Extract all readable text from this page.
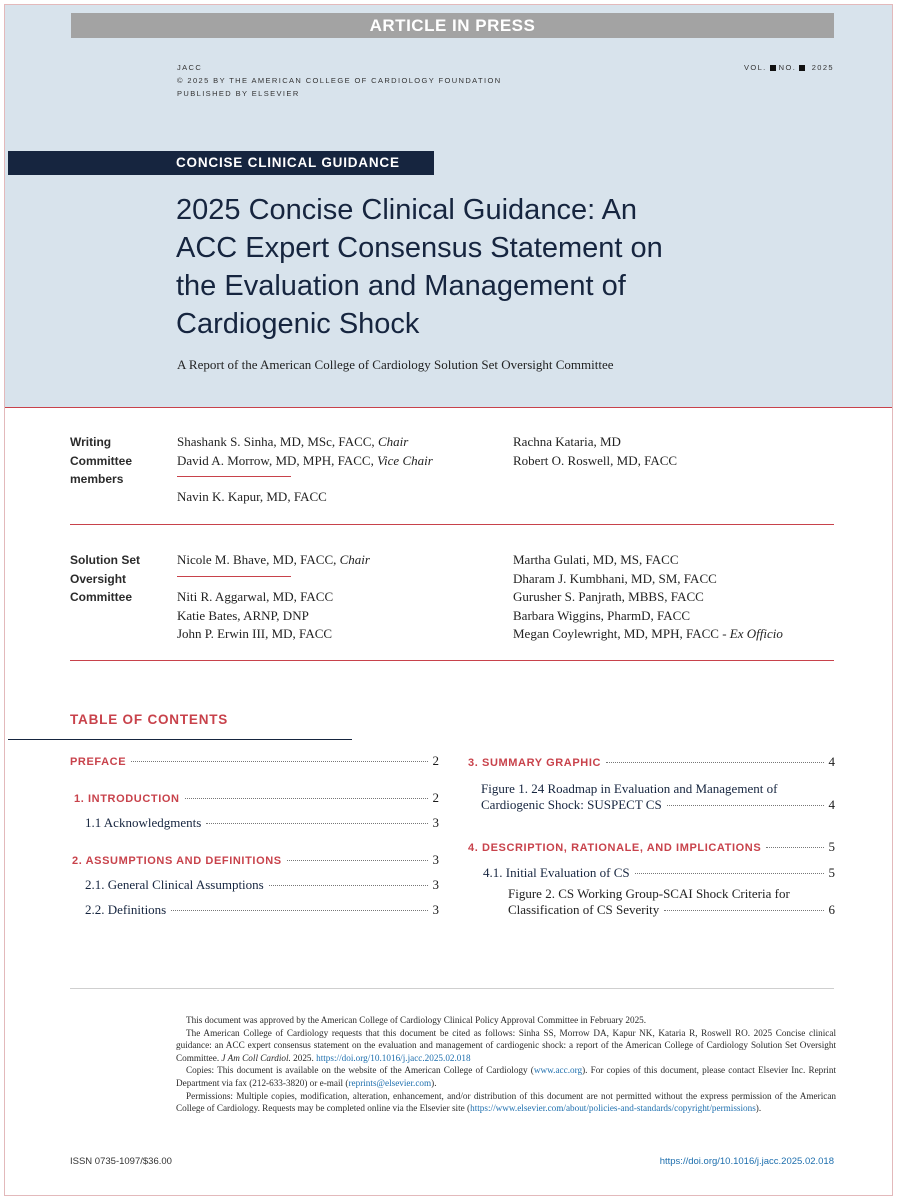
ARTICLE IN PRESS
JACC
© 2025 BY THE AMERICAN COLLEGE OF CARDIOLOGY FOUNDATION
PUBLISHED BY ELSEVIER
VOL. NO. 2025
CONCISE CLINICAL GUIDANCE
2025 Concise Clinical Guidance: An
ACC Expert Consensus Statement on
the Evaluation and Management of
Cardiogenic Shock
A Report of the American College of Cardiology Solution Set Oversight Committee
Writing
Committee
members
Shashank S. Sinha, MD, MSc, FACC, Chair
David A. Morrow, MD, MPH, FACC, Vice Chair
Navin K. Kapur, MD, FACC
Rachna Kataria, MD
Robert O. Roswell, MD, FACC
Solution Set
Oversight
Committee
Nicole M. Bhave, MD, FACC, Chair
Niti R. Aggarwal, MD, FACC
Katie Bates, ARNP, DNP
John P. Erwin III, MD, FACC
Martha Gulati, MD, MS, FACC
Dharam J. Kumbhani, MD, SM, FACC
Gurusher S. Panjrath, MBBS, FACC
Barbara Wiggins, PharmD, FACC
Megan Coylewright, MD, MPH, FACC - Ex Officio
TABLE OF CONTENTS
PREFACE	2
1. INTRODUCTION	2
1.1 Acknowledgments	3
2. ASSUMPTIONS AND DEFINITIONS	3
2.1. General Clinical Assumptions	3
2.2. Definitions	3
3. SUMMARY GRAPHIC	4
Figure 1. 24 Roadmap in Evaluation and Management of
Cardiogenic Shock: SUSPECT CS	4
4. DESCRIPTION, RATIONALE, AND IMPLICATIONS	5
4.1. Initial Evaluation of CS	5
Figure 2. CS Working Group-SCAI Shock Criteria for
Classification of CS Severity	6

This document was approved by the American College of Cardiology Clinical Policy Approval Committee in February 2025.

The American College of Cardiology requests that this document be cited as follows: Sinha SS, Morrow DA, Kapur NK, Kataria R, Roswell RO. 2025 Concise clinical guidance: an ACC expert consensus statement on the evaluation and management of cardiogenic shock: a report of the American College of Cardiology Solution Set Oversight Committee. J Am Coll Cardiol. 2025. https://doi.org/10.1016/j.jacc.2025.02.018

Copies: This document is available on the website of the American College of Cardiology (www.acc.org). For copies of this document, please contact Elsevier Inc. Reprint Department via fax (212-633-3820) or e-mail (reprints@elsevier.com).

Permissions: Multiple copies, modification, alteration, enhancement, and/or distribution of this document are not permitted without the express permission of the American College of Cardiology. Requests may be completed online via the Elsevier site (https://www.elsevier.com/about/policies-and-standards/copyright/permissions).

ISSN 0735-1097/$36.00	https://doi.org/10.1016/j.jacc.2025.02.018
